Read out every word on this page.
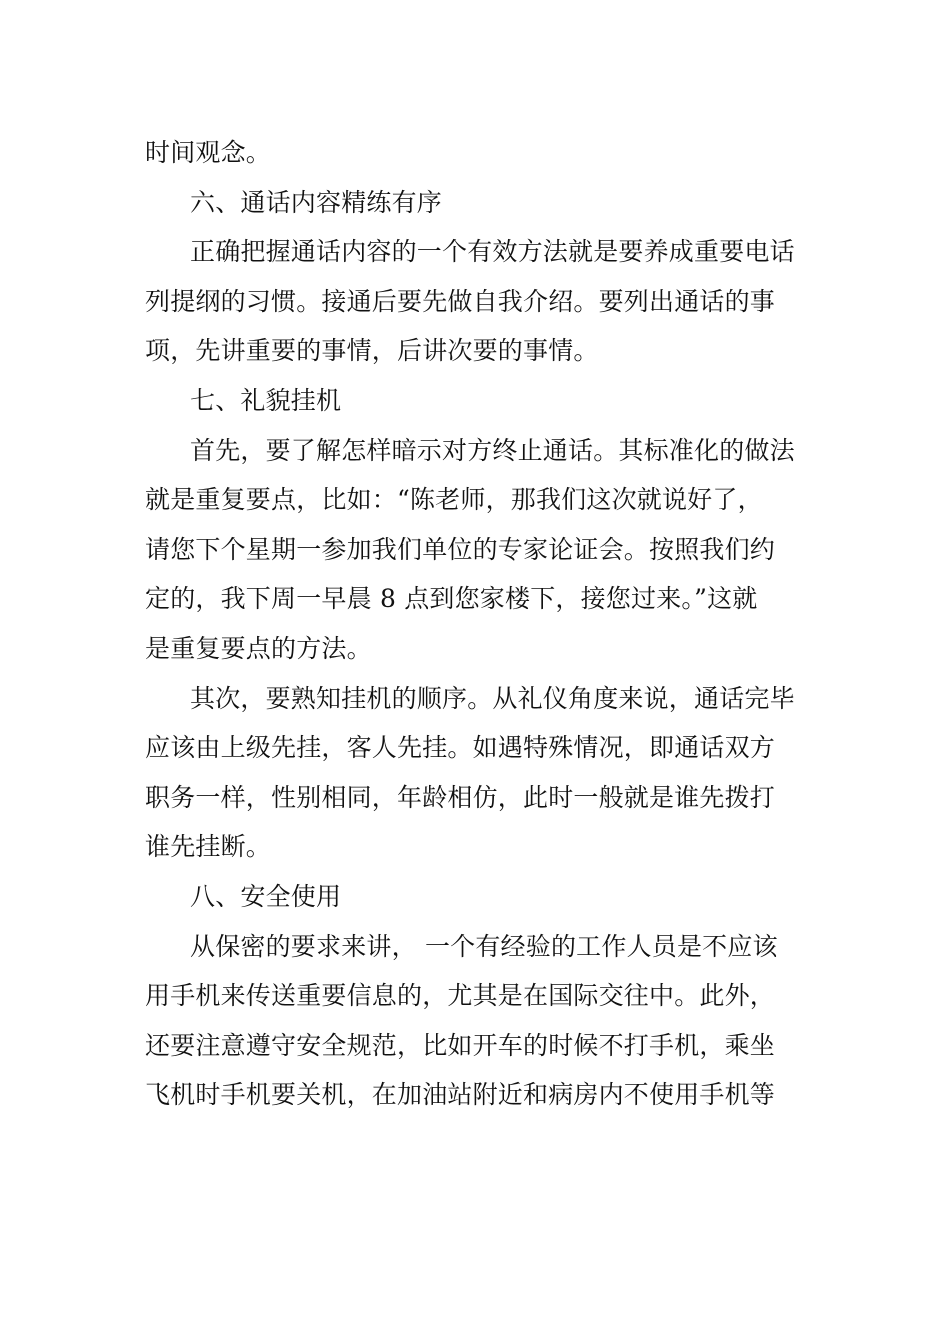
时间观念。
六、通话内容精练有序
正确把握通话内容的一个有效方法就是要养成重要电话
列提纲的习惯。接通后要先做自我介绍。要列出通话的事
项，先讲重要的事情，后讲次要的事情。
七、礼貌挂机
首先，要了解怎样暗示对方终止通话。其标准化的做法
就是重复要点，比如：“陈老师，那我们这次就说好了，
请您下个星期一参加我们单位的专家论证会。按照我们约
定的，我下周一早晨 8 点到您家楼下，接您过来。”这就
是重复要点的方法。
其次，要熟知挂机的顺序。从礼仪角度来说，通话完毕
应该由上级先挂，客人先挂。如遇特殊情况，即通话双方
职务一样，性别相同，年龄相仿，此时一般就是谁先拨打
谁先挂断。
八、安全使用
从保密的要求来讲， 一个有经验的工作人员是不应该
用手机来传送重要信息的，尤其是在国际交往中。此外，
还要注意遵守安全规范，比如开车的时候不打手机，乘坐
飞机时手机要关机，在加油站附近和病房内不使用手机等
